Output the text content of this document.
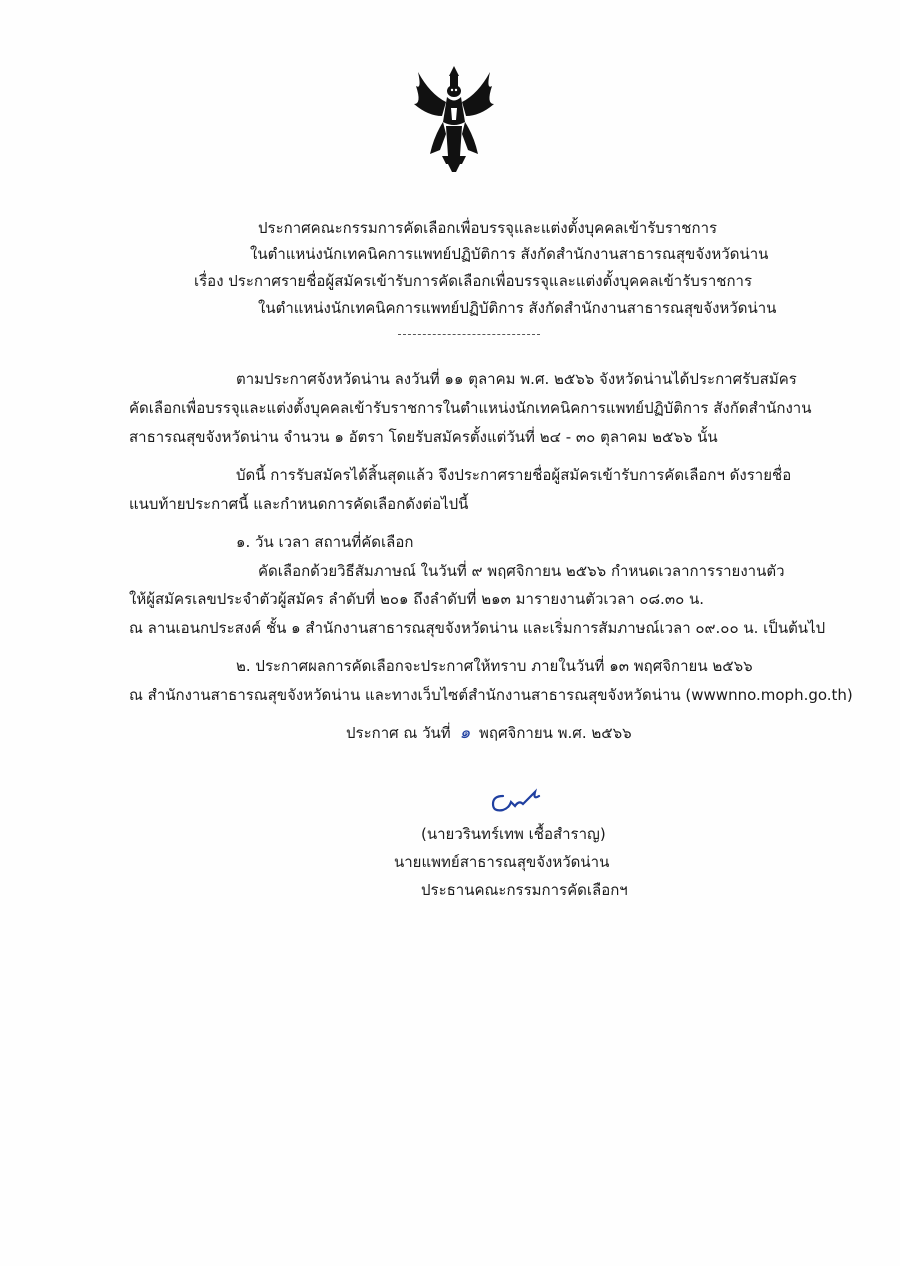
ประกาศคณะกรรมการคัดเลือกเพื่อบรรจุและแต่งตั้งบุคคลเข้ารับราชการ
ในตำแหน่งนักเทคนิคการแพทย์ปฏิบัติการ สังกัดสำนักงานสาธารณสุขจังหวัดน่าน
เรื่อง ประกาศรายชื่อผู้สมัครเข้ารับการคัดเลือกเพื่อบรรจุและแต่งตั้งบุคคลเข้ารับราชการ
ในตำแหน่งนักเทคนิคการแพทย์ปฏิบัติการ สังกัดสำนักงานสาธารณสุขจังหวัดน่าน
ตามประกาศจังหวัดน่าน ลงวันที่ ๑๑ ตุลาคม พ.ศ. ๒๕๖๖ จังหวัดน่านได้ประกาศรับสมัคร
คัดเลือกเพื่อบรรจุและแต่งตั้งบุคคลเข้ารับราชการในตำแหน่งนักเทคนิคการแพทย์ปฏิบัติการ สังกัดสำนักงาน
สาธารณสุขจังหวัดน่าน จำนวน ๑ อัตรา โดยรับสมัครตั้งแต่วันที่ ๒๔ - ๓๐ ตุลาคม ๒๕๖๖ นั้น
บัดนี้ การรับสมัครได้สิ้นสุดแล้ว จึงประกาศรายชื่อผู้สมัครเข้ารับการคัดเลือกฯ ดังรายชื่อ
แนบท้ายประกาศนี้ และกำหนดการคัดเลือกดังต่อไปนี้
๑. วัน เวลา สถานที่คัดเลือก
คัดเลือกด้วยวิธีสัมภาษณ์ ในวันที่ ๙ พฤศจิกายน ๒๕๖๖ กำหนดเวลาการรายงานตัว
ให้ผู้สมัครเลขประจำตัวผู้สมัคร ลำดับที่ ๒๐๑ ถึงลำดับที่ ๒๑๓ มารายงานตัวเวลา ๐๘.๓๐ น.
ณ ลานเอนกประสงค์ ชั้น ๑ สำนักงานสาธารณสุขจังหวัดน่าน และเริ่มการสัมภาษณ์เวลา ๐๙.๐๐ น. เป็นต้นไป
๒. ประกาศผลการคัดเลือกจะประกาศให้ทราบ ภายในวันที่ ๑๓ พฤศจิกายน ๒๕๖๖
ณ สำนักงานสาธารณสุขจังหวัดน่าน และทางเว็บไซต์สำนักงานสาธารณสุขจังหวัดน่าน (wwwnno.moph.go.th)
ประกาศ ณ วันที่ ๑ พฤศจิกายน พ.ศ. ๒๕๖๖
(นายวรินทร์เทพ เชื้อสำราญ)
นายแพทย์สาธารณสุขจังหวัดน่าน
ประธานคณะกรรมการคัดเลือกฯ
